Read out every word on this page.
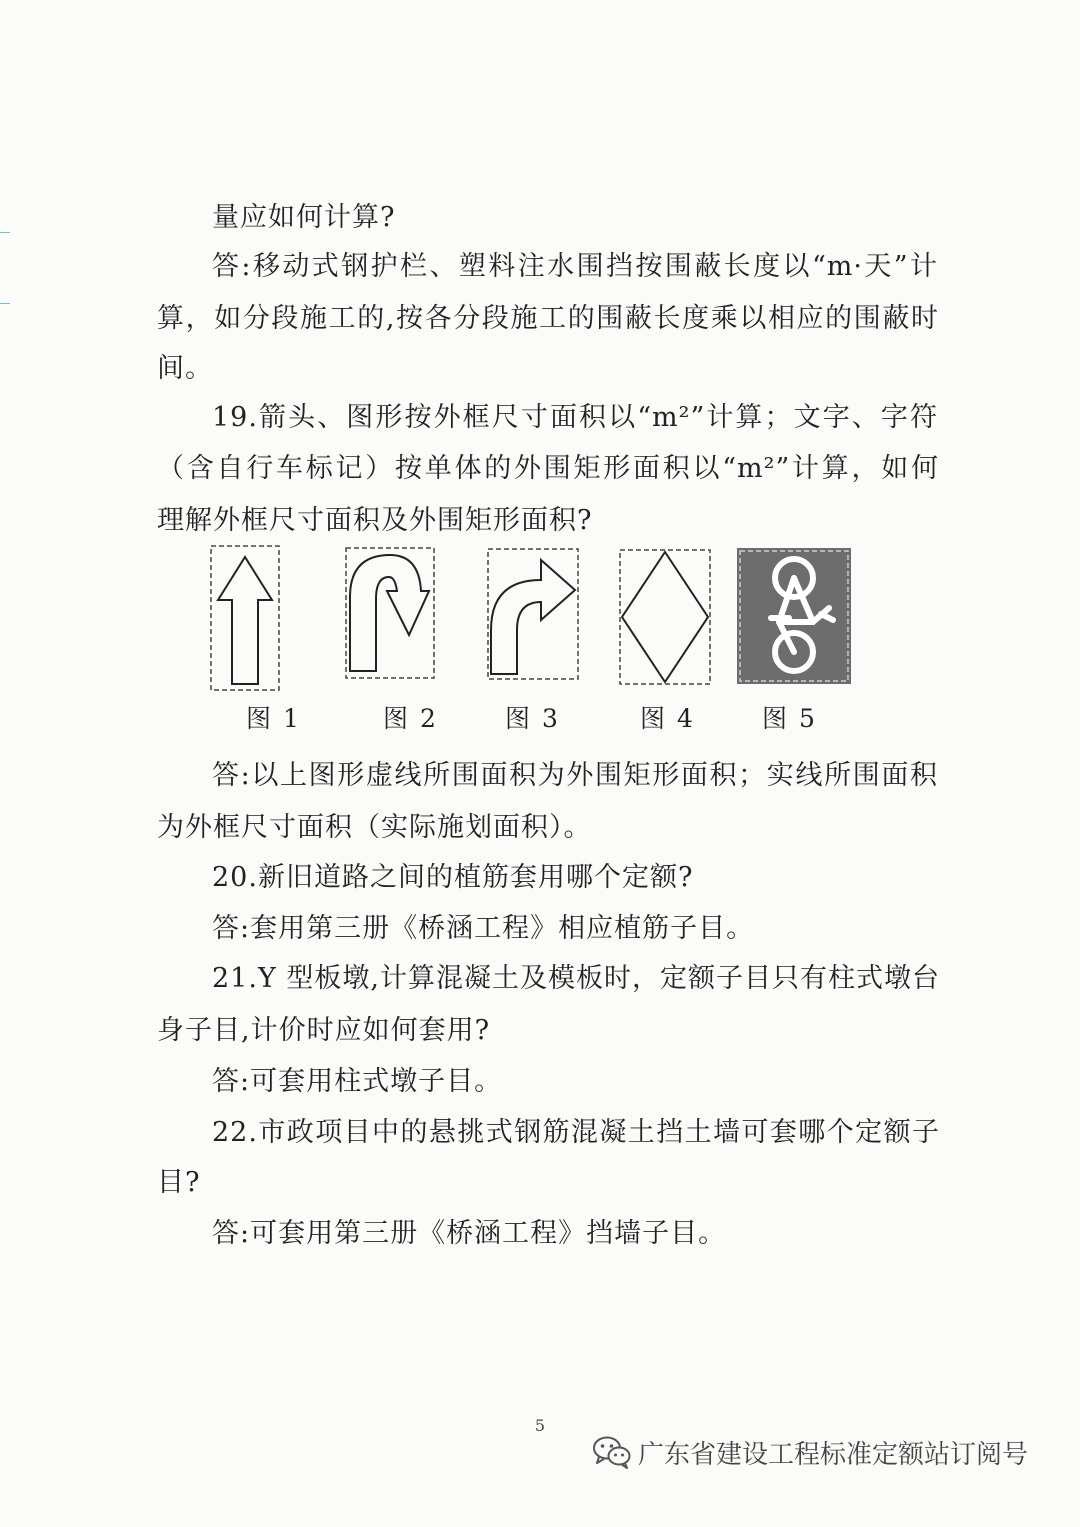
量应如何计算?
答:移动式钢护栏、塑料注水围挡按围蔽长度以“m·天”计
算，如分段施工的,按各分段施工的围蔽长度乘以相应的围蔽时
间。
19.箭头、图形按外框尺寸面积以“m²”计算；文字、字符
（含自行车标记）按单体的外围矩形面积以“m²”计算，如何
理解外框尺寸面积及外围矩形面积?
图 1	图 2	图 3	图 4	图 5
答:以上图形虚线所围面积为外围矩形面积；实线所围面积
为外框尺寸面积（实际施划面积）。
20.新旧道路之间的植筋套用哪个定额?
答:套用第三册《桥涵工程》相应植筋子目。
21.Y 型板墩,计算混凝土及模板时，定额子目只有柱式墩台
身子目,计价时应如何套用?
答:可套用柱式墩子目。
22.市政项目中的悬挑式钢筋混凝土挡土墙可套哪个定额子
目?
答:可套用第三册《桥涵工程》挡墙子目。
5
广东省建设工程标准定额站订阅号
